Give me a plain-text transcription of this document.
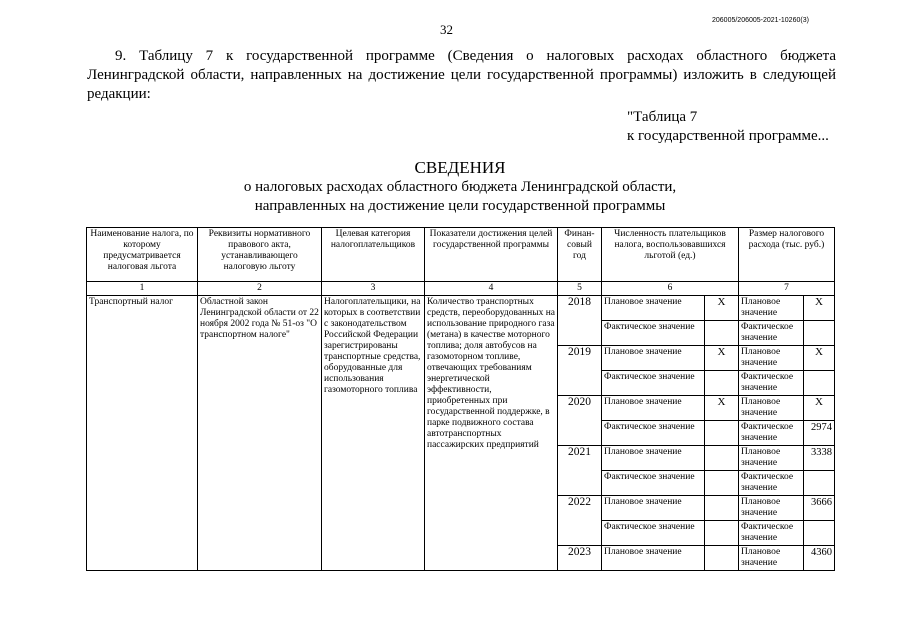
32
206005/206005-2021-10260(3)
9. Таблицу 7 к государственной программе (Сведения о налоговых расходах областного бюджета Ленинградской области, направленных на достижение цели государственной программы) изложить в следующей редакции:
"Таблица 7
к государственной программе...
СВЕДЕНИЯ
о налоговых расходах областного бюджета Ленинградской области,
направленных на достижение цели государственной программы
Наименование налога, по которому предусматривается налоговая льгота	Реквизиты нормативного правового акта, устанавливающего налоговую льготу	Целевая категория налогоплательщиков	Показатели достижения целей государственной программы	Финан-совый год	Численность плательщиков налога, воспользовавшихся льготой (ед.)		Размер налогового расхода (тыс. руб.)	
1	2	3	4	5	6		7	
Транспортный налог	Областной закон Ленинградской области от 22 ноября 2002 года № 51-оз "О транспортном налоге"	Налогоплательщики, на которых в соответствии с законодательством Российской Федерации зарегистрированы транспортные средства, оборудованные для использования газомоторного топлива	Количество транспортных средств, переоборудованных на использование природного газа (метана) в качестве моторного топлива; доля автобусов на газомоторном топливе, отвечающих требованиям энергетической эффективности, приобретенных при государственной поддержке, в парке подвижного состава автотранспортных пассажирских предприятий	2018	Плановое значение	X	Плановое значение	X
					Фактическое значение		Фактическое значение	
				2019	Плановое значение	X	Плановое значение	X
					Фактическое значение		Фактическое значение	
				2020	Плановое значение	X	Плановое значение	X
					Фактическое значение		Фактическое значение	2974
				2021	Плановое значение		Плановое значение	3338
					Фактическое значение		Фактическое значение	
				2022	Плановое значение		Плановое значение	3666
					Фактическое значение		Фактическое значение	
				2023	Плановое значение		Плановое значение	4360
